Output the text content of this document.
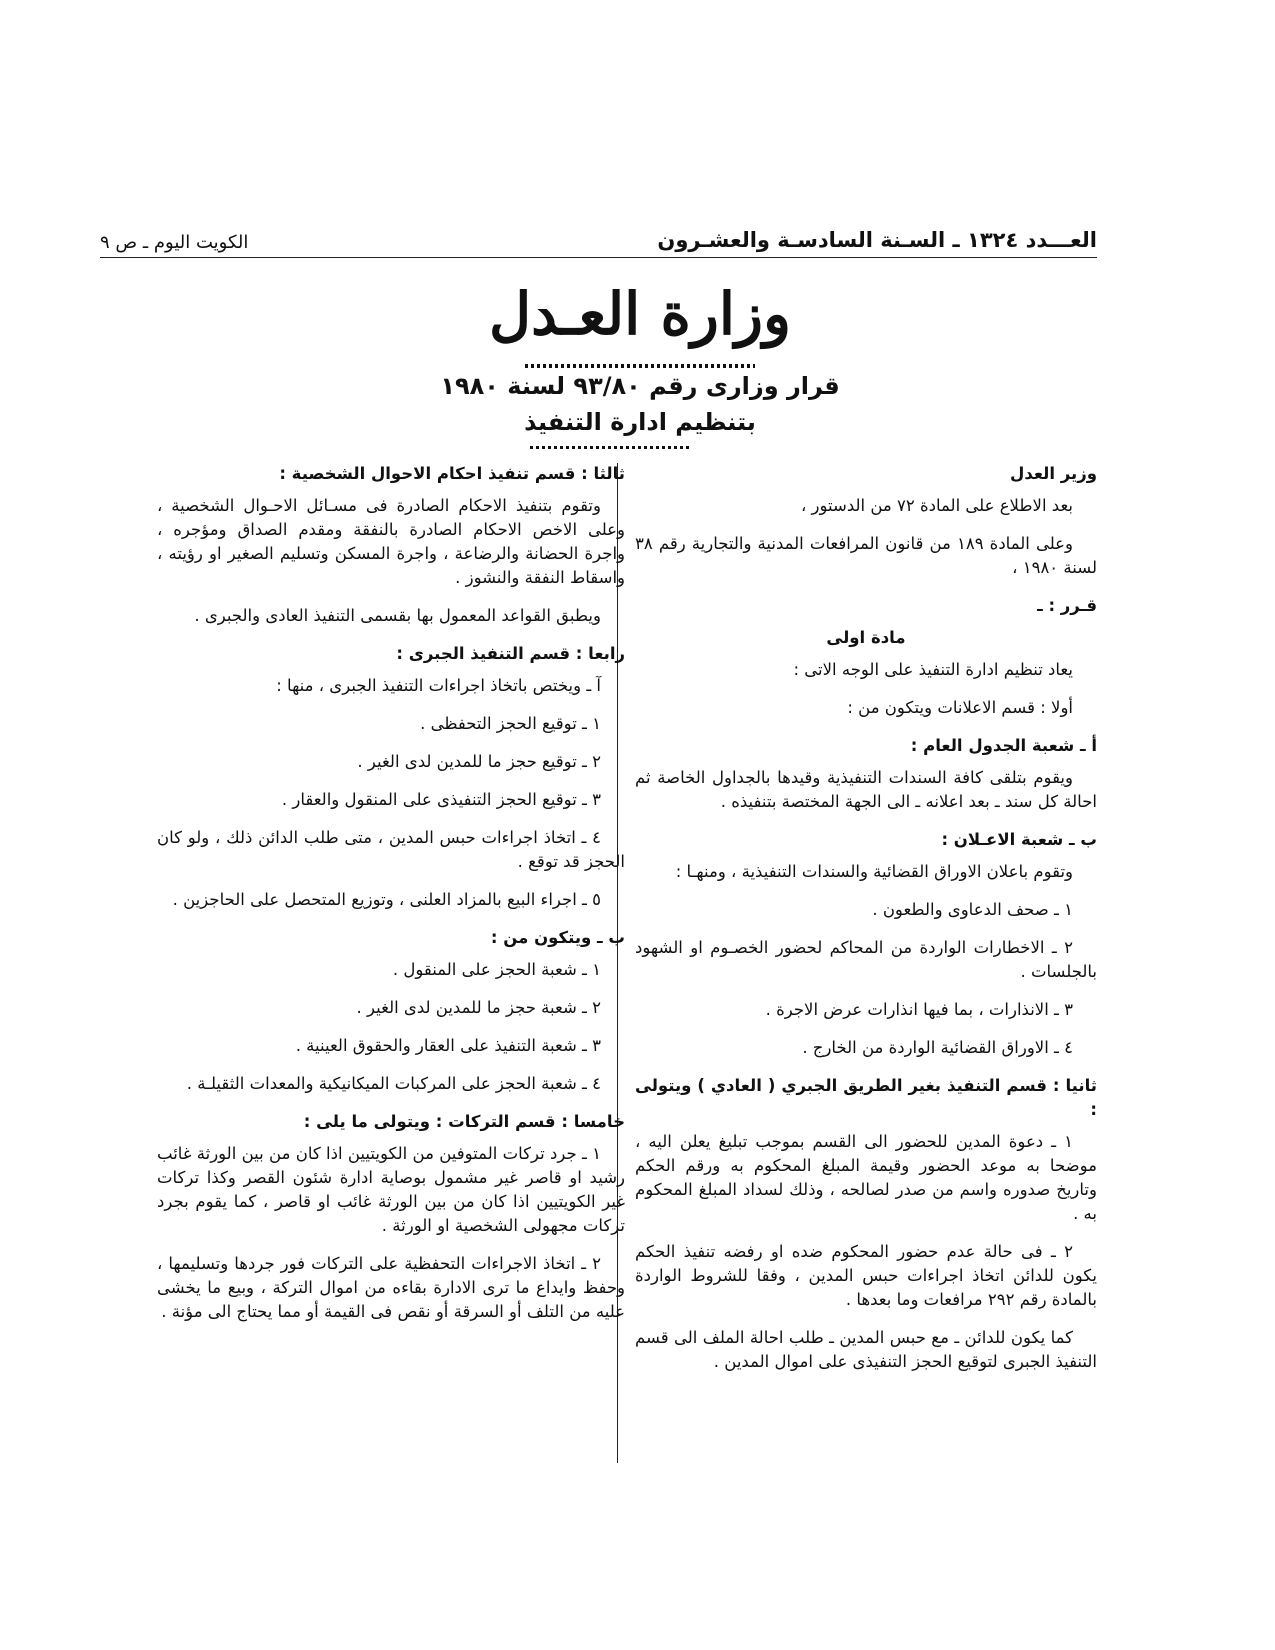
الكويت اليوم ـ ص ٩	العـــدد ١٣٢٤ ـ السـنة السادسـة والعشـرون
وزارة العـدل
قرار وزارى رقم ٩٣/٨٠ لسنة ١٩٨٠
بتنظيم ادارة التنفيذ

وزير العدل

بعد الاطلاع على المادة ٧٢ من الدستور ،

وعلى المادة ١٨٩ من قانون المرافعات المدنية والتجارية رقم ٣٨ لسنة ١٩٨٠ ،

قـرر : ـ

مادة اولى

يعاد تنظيم ادارة التنفيذ على الوجه الاتى :

أولا : قسم الاعلانات ويتكون من :

أ ـ شعبة الجدول العام :

ويقوم بتلقى كافة السندات التنفيذية وقيدها بالجداول الخاصة ثم احالة كل سند ـ بعد اعلانه ـ الى الجهة المختصة بتنفيذه .

ب ـ شعبة الاعـلان :

وتقوم باعلان الاوراق القضائية والسندات التنفيذية ، ومنهـا :

١ ـ صحف الدعاوى والطعون .

٢ ـ الاخطارات الواردة من المحاكم لحضور الخصـوم او الشهود بالجلسات .

٣ ـ الانذارات ، بما فيها انذارات عرض الاجرة .

٤ ـ الاوراق القضائية الواردة من الخارج .

ثانيا : قسم التنفيذ بغير الطريق الجبري ( العادي ) ويتولى :

١ ـ دعوة المدين للحضور الى القسم بموجب تبليغ يعلن اليه ، موضحا به موعد الحضور وقيمة المبلغ المحكوم به ورقم الحكم وتاريخ صدوره واسم من صدر لصالحه ، وذلك لسداد المبلغ المحكوم به .

٢ ـ فى حالة عدم حضور المحكوم ضده او رفضه تنفيذ الحكم يكون للدائن اتخاذ اجراءات حبس المدين ، وفقا للشروط الواردة بالمادة رقم ٢٩٢ مرافعات وما بعدها .

كما يكون للدائن ـ مع حبس المدين ـ طلب احالة الملف الى قسم التنفيذ الجبرى لتوقيع الحجز التنفيذى على اموال المدين .

ثالثا : قسم تنفيذ احكام الاحوال الشخصية :

وتقوم بتنفيذ الاحكام الصادرة فى مسـائل الاحـوال الشخصية ، وعلى الاخص الاحكام الصادرة بالنفقة ومقدم الصداق ومؤجره ، واجرة الحضانة والرضاعة ، واجرة المسكن وتسليم الصغير او رؤيته ، واسقاط النفقة والنشوز .

ويطبق القواعد المعمول بها بقسمى التنفيذ العادى والجبرى .

رابعا : قسم التنفيذ الجبرى :

آ ـ ويختص باتخاذ اجراءات التنفيذ الجبرى ، منها :

١ ـ توقيع الحجز التحفظى .

٢ ـ توقيع حجز ما للمدين لدى الغير .

٣ ـ توقيع الحجز التنفيذى على المنقول والعقار .

٤ ـ اتخاذ اجراءات حبس المدين ، متى طلب الدائن ذلك ، ولو كان الحجز قد توقع .

٥ ـ اجراء البيع بالمزاد العلنى ، وتوزيع المتحصل على الحاجزين .

ب ـ ويتكون من :

١ ـ شعبة الحجز على المنقول .

٢ ـ شعبة حجز ما للمدين لدى الغير .

٣ ـ شعبة التنفيذ على العقار والحقوق العينية .

٤ ـ شعبة الحجز على المركبات الميكانيكية والمعدات الثقيلـة .

خامسا : قسم التركات : ويتولى ما يلى :

١ ـ جرد تركات المتوفين من الكويتيين اذا كان من بين الورثة غائب رشيد او قاصر غير مشمول بوصاية ادارة شئون القصر وكذا تركات غير الكويتيين اذا كان من بين الورثة غائب او قاصر ، كما يقوم بجرد تركات مجهولى الشخصية او الورثة .

٢ ـ اتخاذ الاجراءات التحفظية على التركات فور جردها وتسليمها ، وحفظ وايداع ما ترى الادارة بقاءه من اموال التركة ، وبيع ما يخشى عليه من التلف أو السرقة أو نقص فى القيمة أو مما يحتاج الى مؤنة .
